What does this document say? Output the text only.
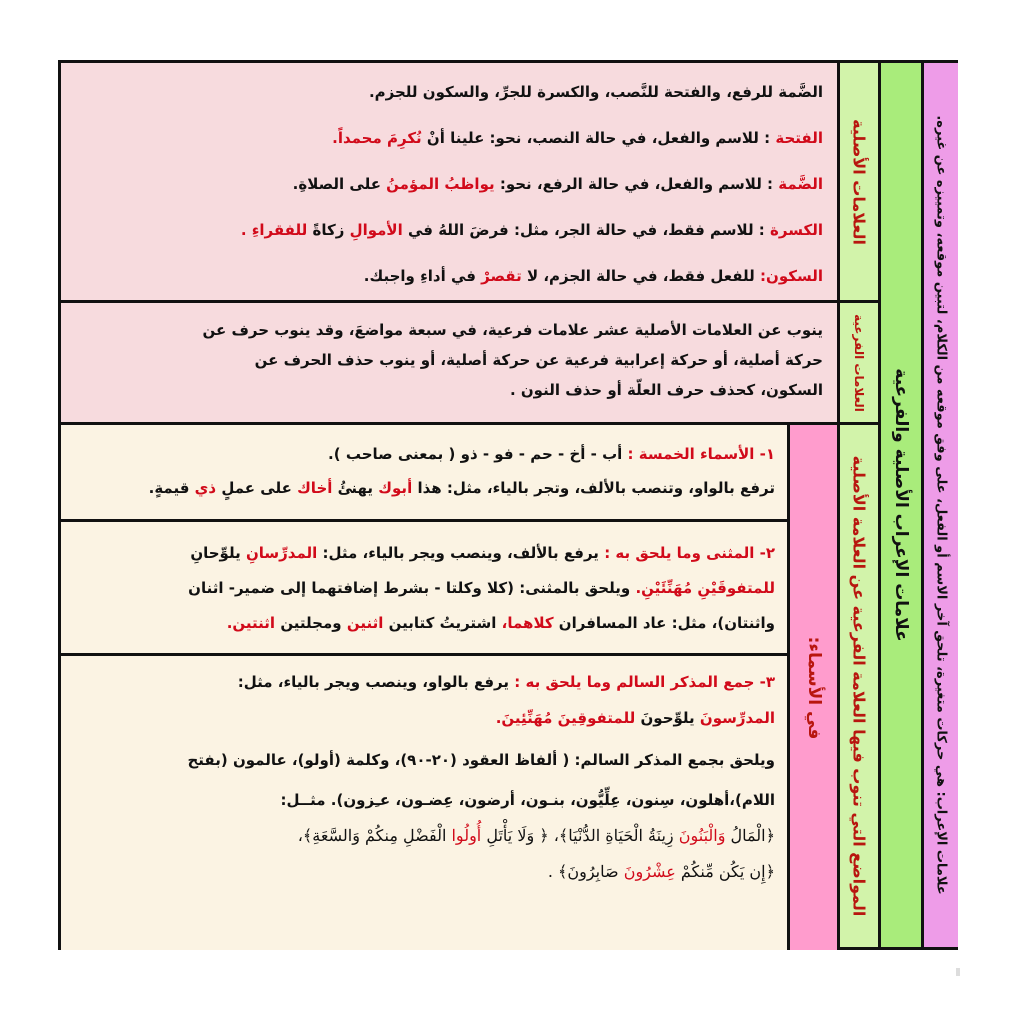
الضَّمة للرفع، والفتحة للنَّصب، والكسرة للجرِّ، والسكون للجزم.

الفتحة : للاسم والفعل، في حالة النصب، نحو: علينا أنْ نُكرِمَ محمداً.

الضَّمة : للاسم والفعل، في حالة الرفع، نحو: يواظبُ المؤمنُ على الصلاةِ.

الكسرة : للاسم فقط، في حالة الجر، مثل: فرضَ اللهُ في الأموالِ زكاةً للفقراءِ .

السكون: للفعل فقط، في حالة الجزم، لا تقصرْ في أداءِ واجبك.

ينوب عن العلامات الأصلية عشر علامات فرعية، في سبعة مواضعَ، وقد ينوب حرف عن

حركة أصلية، أو حركة إعرابية فرعية عن حركة أصلية، أو ينوب حذف الحرف عن

السكون، كحذف حرف العلّة أو حذف النون .

في الأسماء:

١- الأسماء الخمسة : أب - أخ - حم - فو - ذو ( بمعنى صاحب ).

ترفع بالواو، وتنصب بالألف، وتجر بالياء، مثل: هذا أبوك يهنئُ أخاك على عملٍ ذي قيمةٍ.

٢- المثنى وما يلحق به : يرفع بالألف، وينصب ويجر بالياء، مثل: المدرِّسانِ يلوِّحانِ

للمتفوقَيْنِ مُهَنِّئَيْنِ. ويلحق بالمثنى: (كلا وكلتا - بشرط إضافتهما إلى ضمير- اثنان

واثنتان)، مثل: عاد المسافران كلاهما، اشتريتُ كتابين اثنين ومجلتين اثنتين.

٣- جمع المذكر السالم وما يلحق به : يرفع بالواو، وينصب ويجر بالياء، مثل:

المدرِّسونَ يلوِّحونَ للمتفوقِينَ مُهَنِّئِينَ.

ويلحق بجمع المذكر السالم: ( ألفاظ العقود (٢٠-٩٠)، وكلمة (أولو)، عالمون (بفتح

اللام)،أهلون، سِنون، عِلِّيُّون، بنـون، أرضون، عِضـون، عـِزون). مثــل:

﴿الْمَالُ وَالْبَنُونَ زِينَةُ الْحَيَاةِ الدُّنْيَا﴾، ﴿ وَلَا يَأْتَلِ أُولُوا الْفَضْلِ مِنكُمْ وَالسَّعَةِ﴾،

﴿إِن يَكُن مِّنكُمْ عِشْرُونَ صَابِرُونَ﴾ .

العلامات الأصلية
العلامات الفرعية
المواضع التي تنوب فيها العلامة الفرعية عن العلامة الأصلية علامات الإعراب الأصلية والفرعية علامات الإعراب: هي حركات متغيرة، تلحق آخر الاسم أو الفعل، على وفق موقعه من الكلام، لتبين موقعه، وتمييزه عن غيره.
